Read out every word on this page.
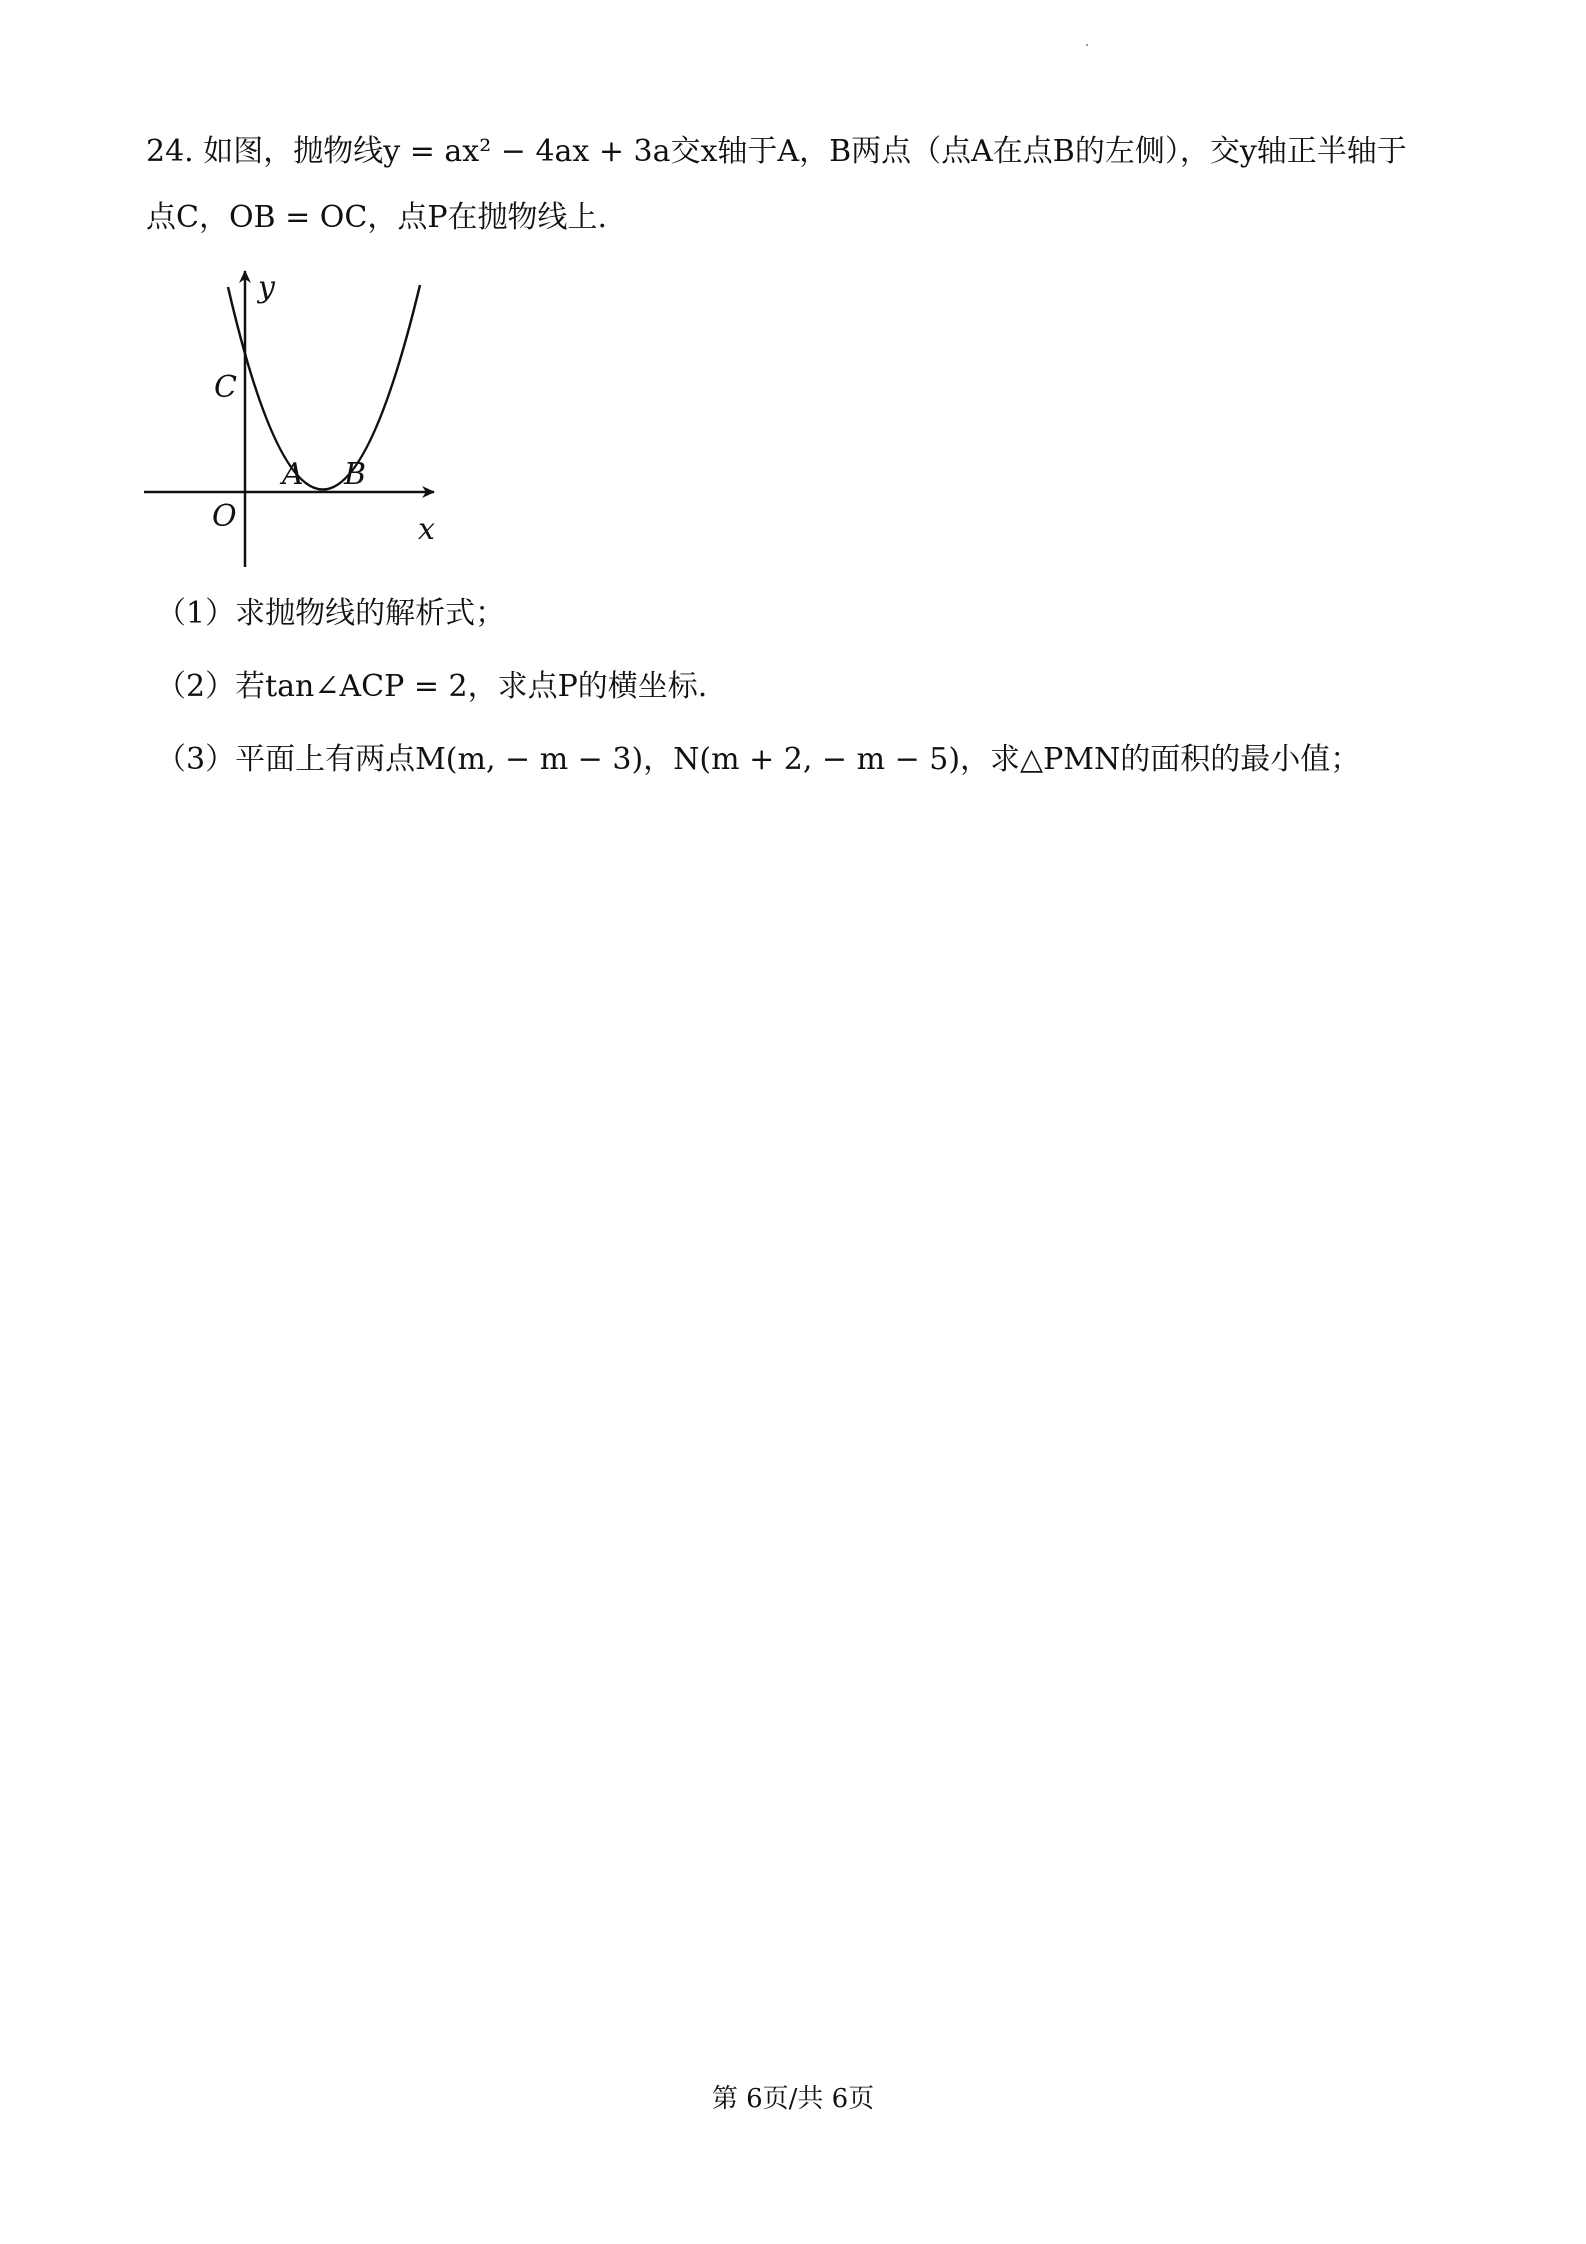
24. 如图，抛物线y = ax² − 4ax + 3a交x轴于A，B两点（点A在点B的左侧），交y轴正半轴于
点C，OB = OC，点P在抛物线上.
y
x
O
C
A B
（1）求抛物线的解析式；
（2）若tan∠ACP = 2，求点P的横坐标.
（3）平面上有两点M(m, − m − 3)，N(m + 2, − m − 5)，求△PMN的面积的最小值；
第 6页/共 6页
